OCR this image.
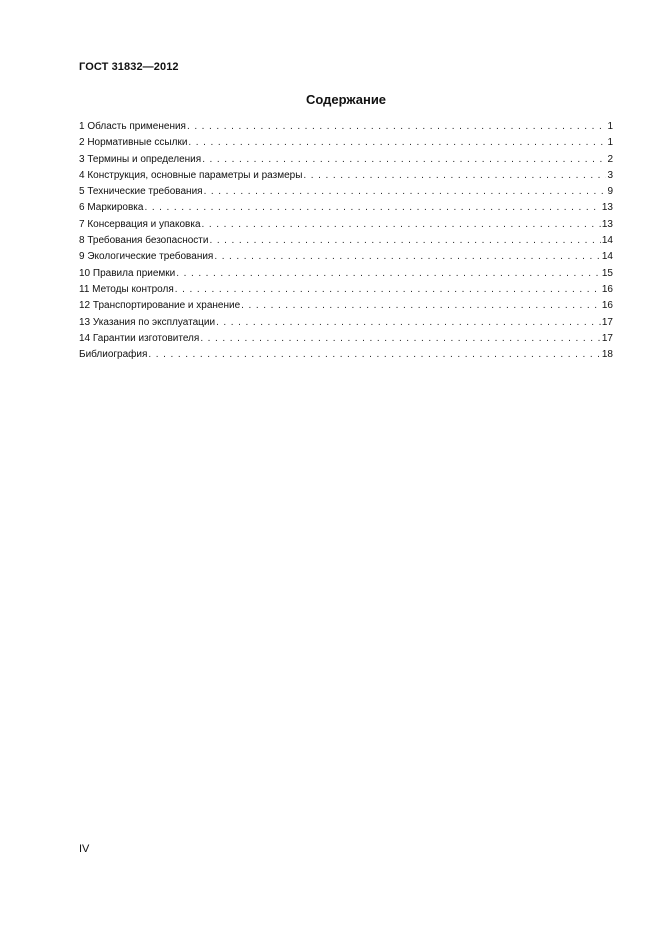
ГОСТ 31832—2012
Содержание
1 Область применения . . .	1
2 Нормативные ссылки . . .	1
3 Термины и определения . . .	2
4 Конструкция, основные параметры и размеры . . .	3
5 Технические требования . . .	9
6 Маркировка . . .	13
7 Консервация и упаковка . . .	13
8 Требования безопасности . . .	14
9 Экологические требования . . .	14
10 Правила приемки . . .	15
11 Методы контроля . . .	16
12 Транспортирование и хранение . . .	16
13 Указания по эксплуатации . . .	17
14 Гарантии изготовителя . . .	17
Библиография . . .	18
IV
